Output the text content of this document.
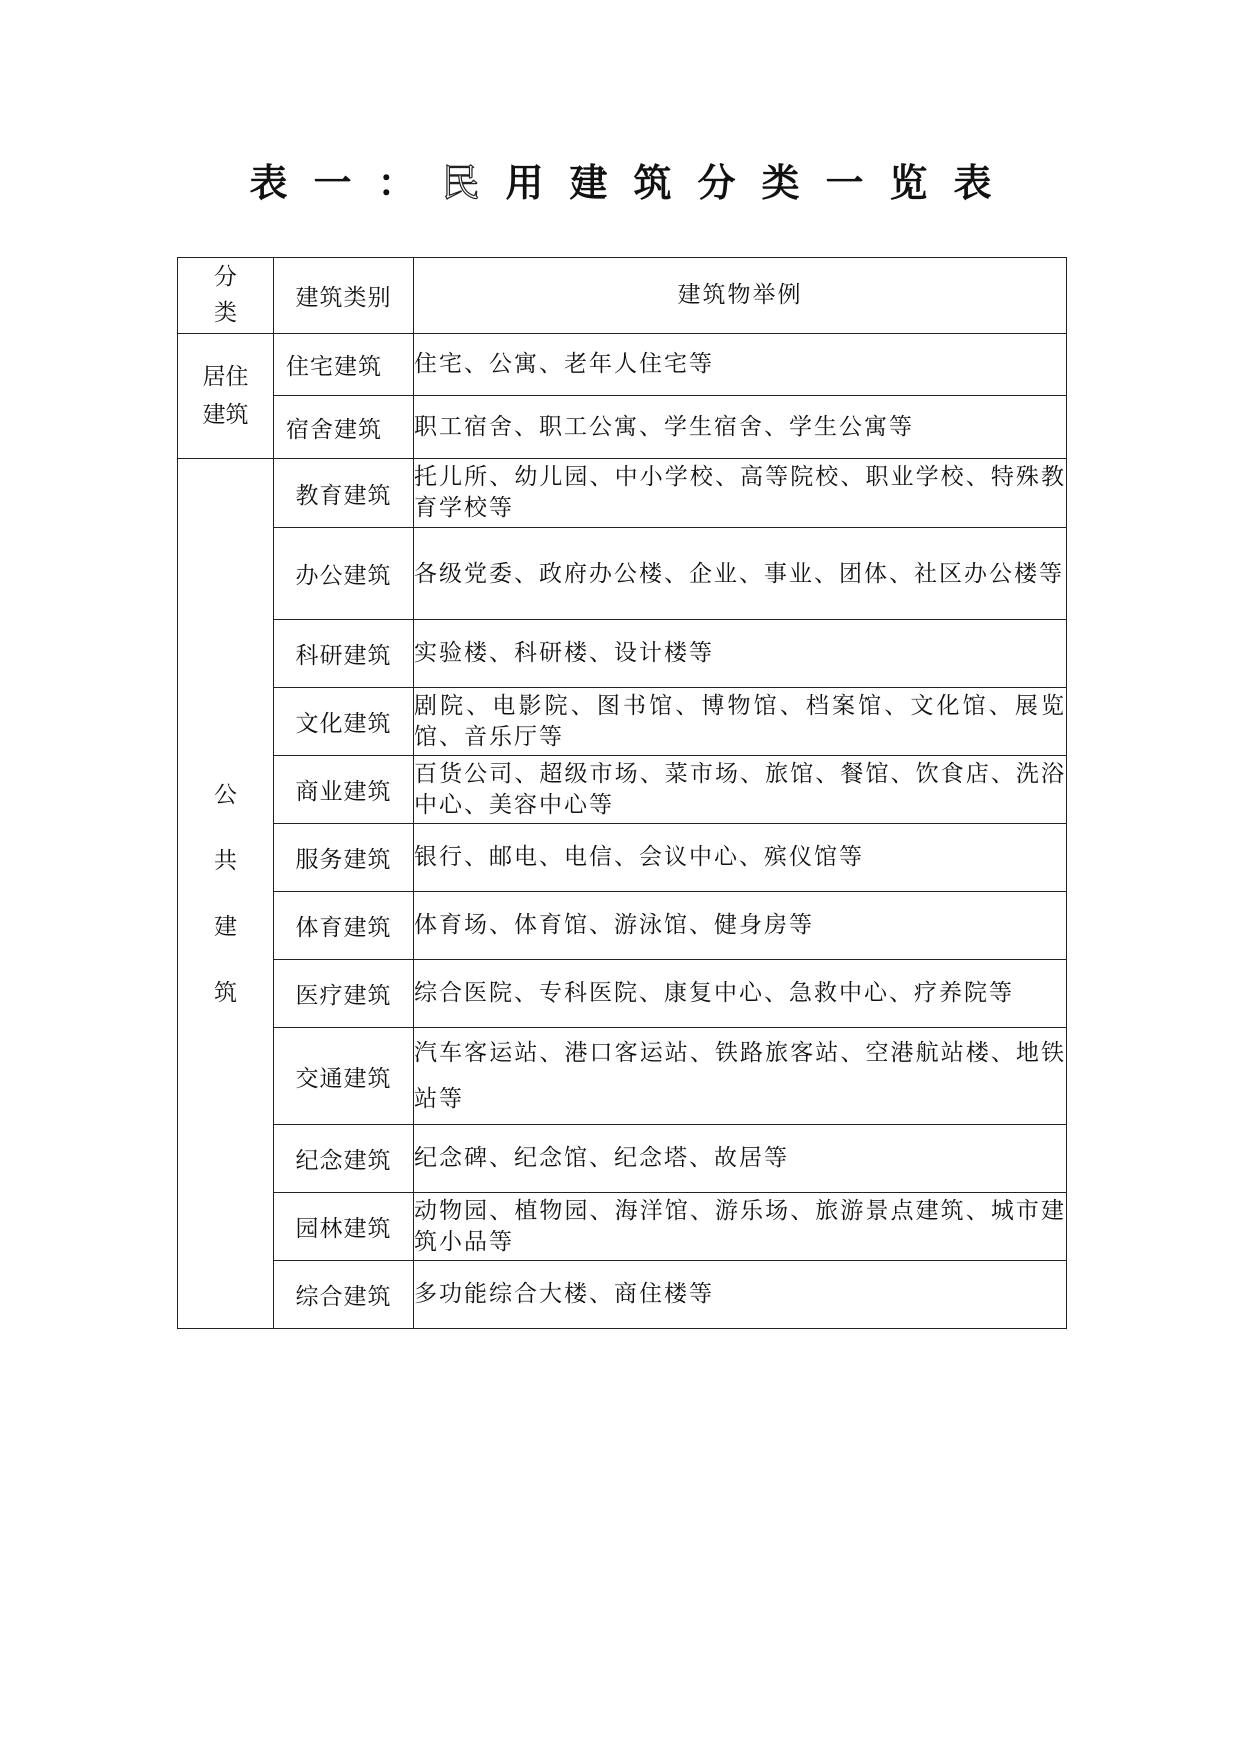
表一：民用建筑分类一览表
分类	建筑类别	建筑物举例
居住建筑	住宅建筑	住宅、公寓、老年人住宅等
	宿舍建筑	职工宿舍、职工公寓、学生宿舍、学生公寓等
公共建筑	教育建筑	托儿所、幼儿园、中小学校、高等院校、职业学校、特殊教育学校等
	办公建筑	各级党委、政府办公楼、企业、事业、团体、社区办公楼等
	科研建筑	实验楼、科研楼、设计楼等
	文化建筑	剧院、电影院、图书馆、博物馆、档案馆、文化馆、展览馆、音乐厅等
	商业建筑	百货公司、超级市场、菜市场、旅馆、餐馆、饮食店、洗浴中心、美容中心等
	服务建筑	银行、邮电、电信、会议中心、殡仪馆等
	体育建筑	体育场、体育馆、游泳馆、健身房等
	医疗建筑	综合医院、专科医院、康复中心、急救中心、疗养院等
	交通建筑	汽车客运站、港口客运站、铁路旅客站、空港航站楼、地铁站等
	纪念建筑	纪念碑、纪念馆、纪念塔、故居等
	园林建筑	动物园、植物园、海洋馆、游乐场、旅游景点建筑、城市建筑小品等
	综合建筑	多功能综合大楼、商住楼等
